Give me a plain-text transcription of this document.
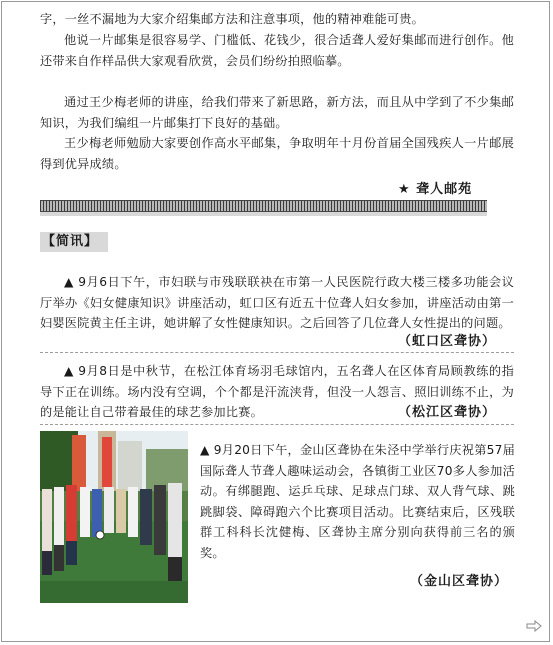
字，一丝不漏地为大家介绍集邮方法和注意事项，他的精神难能可贵。

他说一片邮集是很容易学、门槛低、花钱少，很合适聋人爱好集邮而进行创作。他还带来自作样品供大家观看欣赏，会员们纷纷拍照临摹。

通过王少梅老师的讲座，给我们带来了新思路，新方法，而且从中学到了不少集邮知识，为我们编组一片邮集打下良好的基础。

王少梅老师勉励大家要创作高水平邮集，争取明年十月份首届全国残疾人一片邮展得到优异成绩。

★ 聋人邮苑
【简讯】

▲ 9月6日下午，市妇联与市残联联袂在市第一人民医院行政大楼三楼多功能会议厅举办《妇女健康知识》讲座活动，虹口区有近五十位聋人妇女参加，讲座活动由第一妇婴医院黄主任主讲，她讲解了女性健康知识。之后回答了几位聋人女性提出的问题。

（虹口区聋协）

▲ 9月8日是中秋节，在松江体育场羽毛球馆内，五名聋人在区体育局顾教练的指导下正在训练。场内没有空调，个个都是汗流浃背，但没一人怨言、照旧训练不止，为的是能让自己带着最佳的球艺参加比赛。	（松江区聋协）

▲ 9月20日下午，金山区聋协在朱泾中学举行庆祝第57届国际聋人节聋人趣味运动会，各镇街工业区70多人参加活动。有绑腿跑、运乒乓球、足球点门球、双人背气球、跳跳脚袋、障碍跑六个比赛项目活动。比赛结束后，区残联群工科科长沈健梅、区聋协主席分别向获得前三名的颁奖。

（金山区聋协）
